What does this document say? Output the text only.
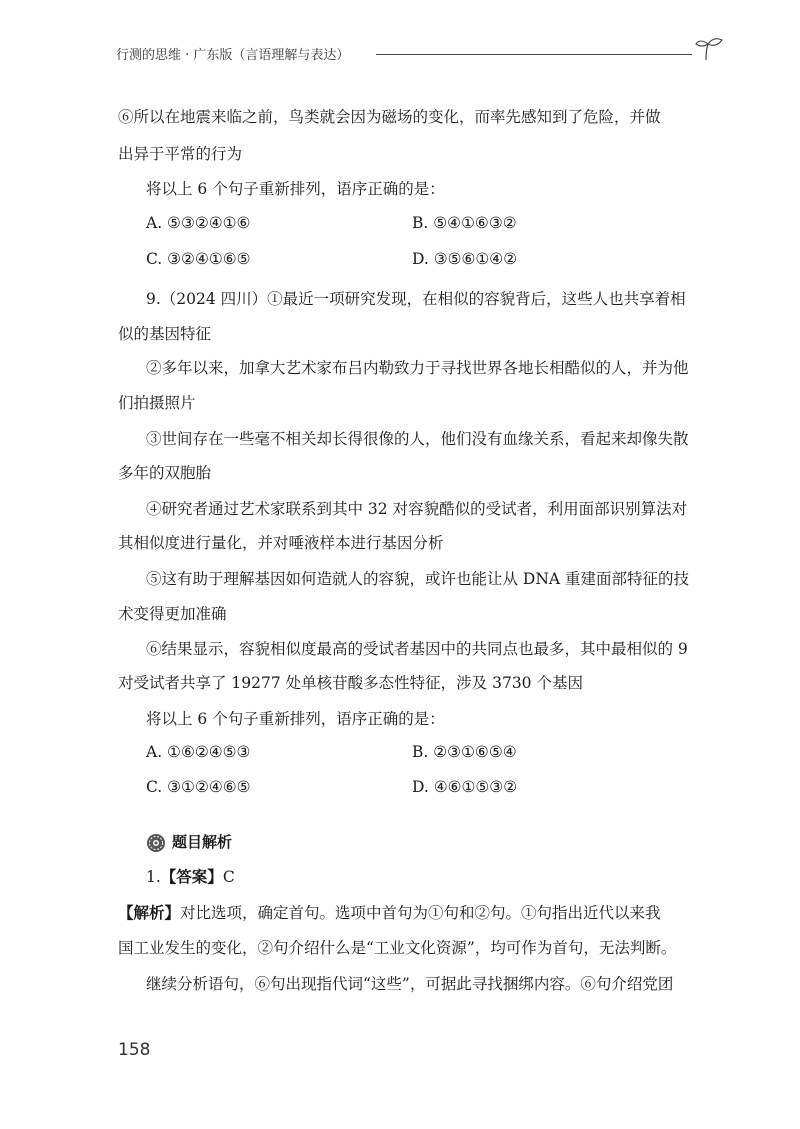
行测的思维 · 广东版（言语理解与表达）
⑥所以在地震来临之前，鸟类就会因为磁场的变化，而率先感知到了危险，并做
出异于平常的行为
将以上 6 个句子重新排列，语序正确的是：
A. ⑤③②④①⑥	B. ⑤④①⑥③②
C. ③②④①⑥⑤	D. ③⑤⑥①④②
9.（2024 四川）①最近一项研究发现，在相似的容貌背后，这些人也共享着相
似的基因特征
②多年以来，加拿大艺术家布吕内勒致力于寻找世界各地长相酷似的人，并为他
们拍摄照片
③世间存在一些毫不相关却长得很像的人，他们没有血缘关系，看起来却像失散
多年的双胞胎
④研究者通过艺术家联系到其中 32 对容貌酷似的受试者，利用面部识别算法对
其相似度进行量化，并对唾液样本进行基因分析
⑤这有助于理解基因如何造就人的容貌，或许也能让从 DNA 重建面部特征的技
术变得更加准确
⑥结果显示，容貌相似度最高的受试者基因中的共同点也最多，其中最相似的 9
对受试者共享了 19277 处单核苷酸多态性特征，涉及 3730 个基因
将以上 6 个句子重新排列，语序正确的是：
A. ①⑥②④⑤③	B. ②③①⑥⑤④
C. ③①②④⑥⑤	D. ④⑥①⑤③②
题目解析
1.【答案】C
【解析】对比选项，确定首句。选项中首句为①句和②句。①句指出近代以来我
国工业发生的变化，②句介绍什么是“工业文化资源”，均可作为首句，无法判断。
继续分析语句，⑥句出现指代词“这些”，可据此寻找捆绑内容。⑥句介绍党团
158
